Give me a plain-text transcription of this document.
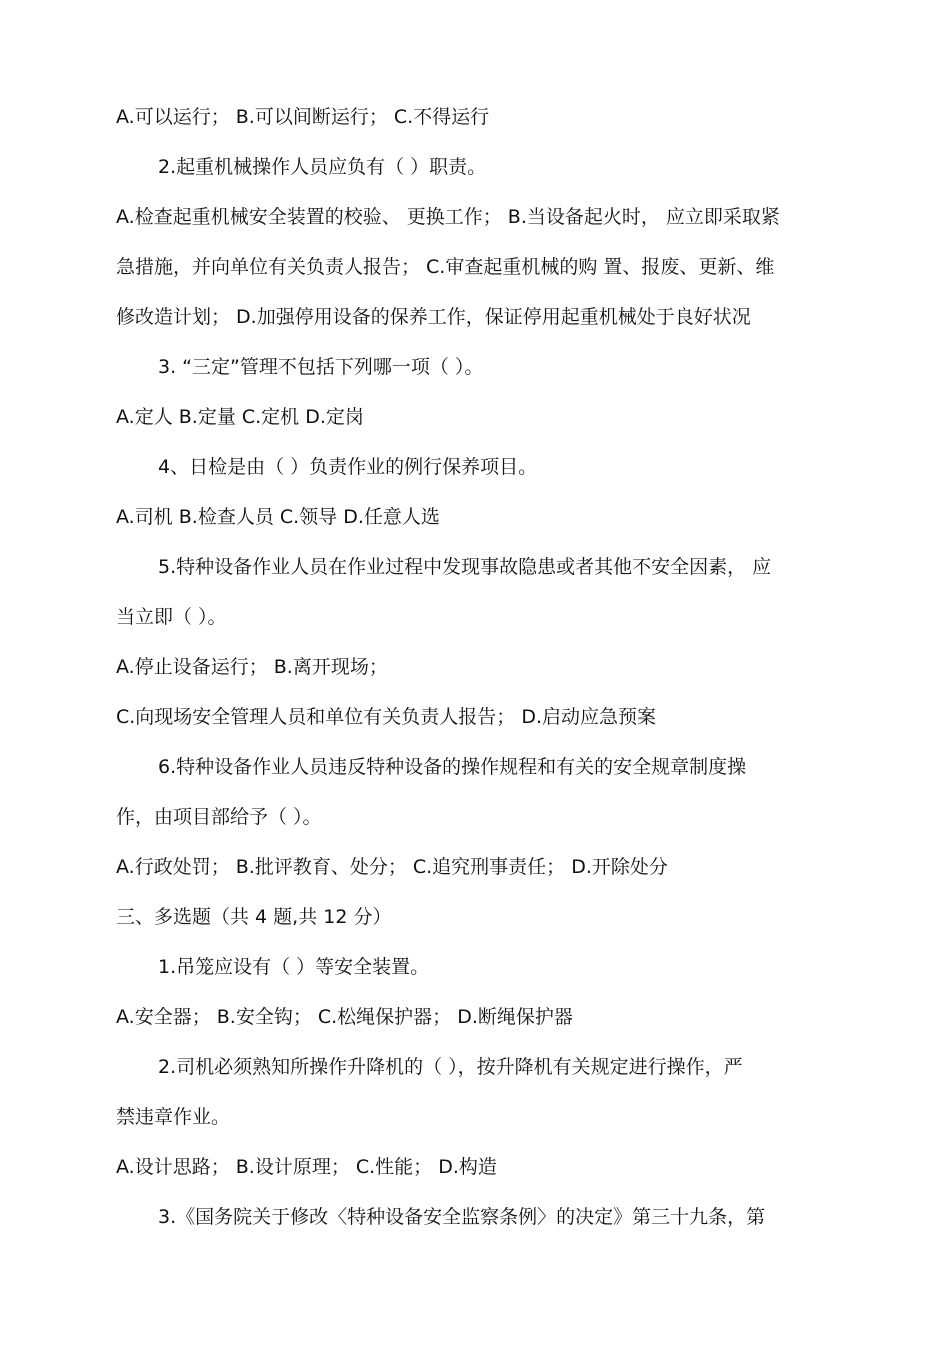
A.可以运行； B.可以间断运行； C.不得运行
2.起重机械操作人员应负有（ ）职责。
A.检查起重机械安全装置的校验、 更换工作； B.当设备起火时， 应立即采取紧
急措施，并向单位有关负责人报告； C.审查起重机械的购 置、报废、更新、维
修改造计划； D.加强停用设备的保养工作，保证停用起重机械处于良好状况
3. “三定”管理不包括下列哪一项（ ）。
A.定人 B.定量 C.定机 D.定岗
4、日检是由（ ）负责作业的例行保养项目。
A.司机 B.检查人员 C.领导 D.任意人选
5.特种设备作业人员在作业过程中发现事故隐患或者其他不安全因素， 应
当立即（ ）。
A.停止设备运行； B.离开现场；
C.向现场安全管理人员和单位有关负责人报告； D.启动应急预案
6.特种设备作业人员违反特种设备的操作规程和有关的安全规章制度操
作，由项目部给予（ ）。
A.行政处罚； B.批评教育、处分； C.追究刑事责任； D.开除处分
三、多选题（共 4 题,共 12 分）
1.吊笼应设有（ ）等安全装置。
A.安全器； B.安全钩； C.松绳保护器； D.断绳保护器
2.司机必须熟知所操作升降机的（ ），按升降机有关规定进行操作，严
禁违章作业。
A.设计思路； B.设计原理； C.性能； D.构造
3.《国务院关于修改〈特种设备安全监察条例〉的决定》第三十九条，第
